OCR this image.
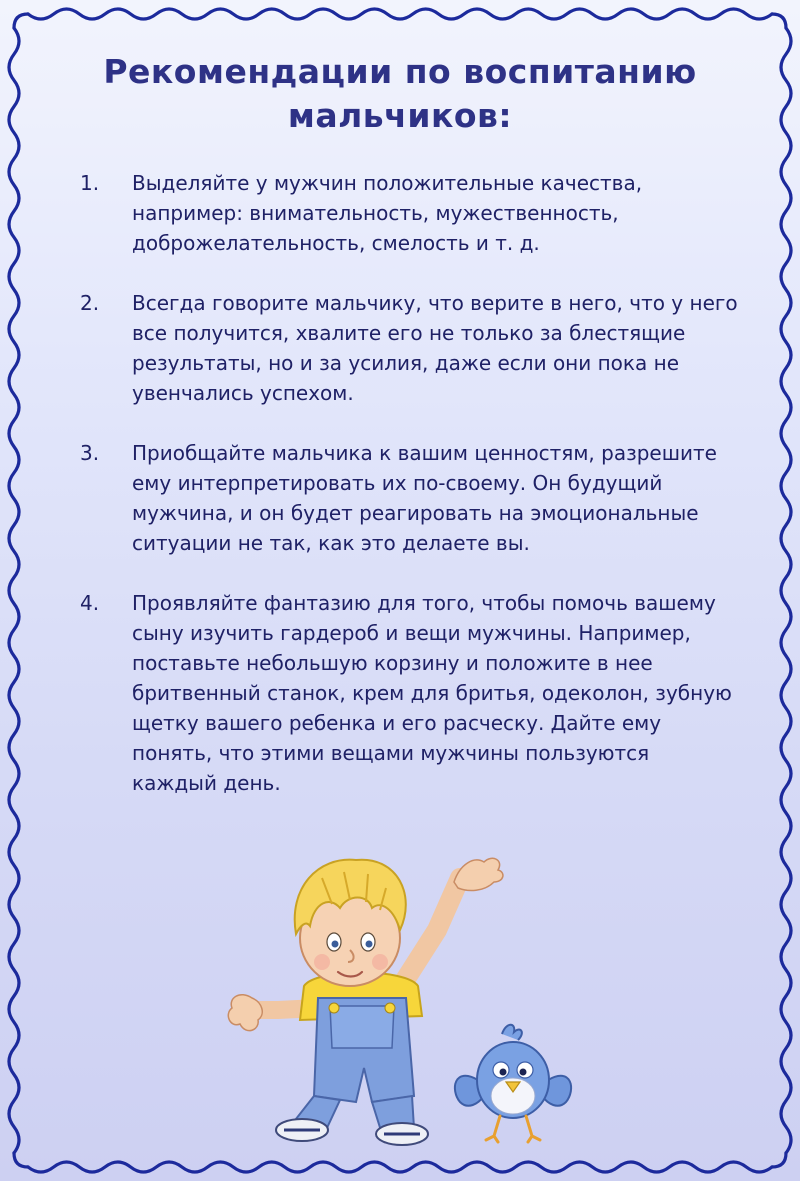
Рекомендации по воспитанию мальчиков:
1. Выделяйте у мужчин положительные качества, например: внимательность, мужественность, доброжелательность, смелость и т. д.
2. Всегда говорите мальчику, что верите в него, что у него все получится, хвалите его не только за блестящие результаты, но и за усилия, даже если они пока не увенчались успехом.
3. Приобщайте мальчика к вашим ценностям, разрешите ему интерпретировать их по-своему. Он будущий мужчина, и он будет реагировать на эмоциональные ситуации не так, как это делаете вы.
4. Проявляйте фантазию для того, чтобы помочь вашему сыну изучить гардероб и вещи мужчины. Например, поставьте небольшую корзину и положите в нее бритвенный станок, крем для бритья, одеколон, зубную щетку вашего ребенка и его расческу. Дайте ему понять, что этими вещами мужчины пользуются каждый день.
